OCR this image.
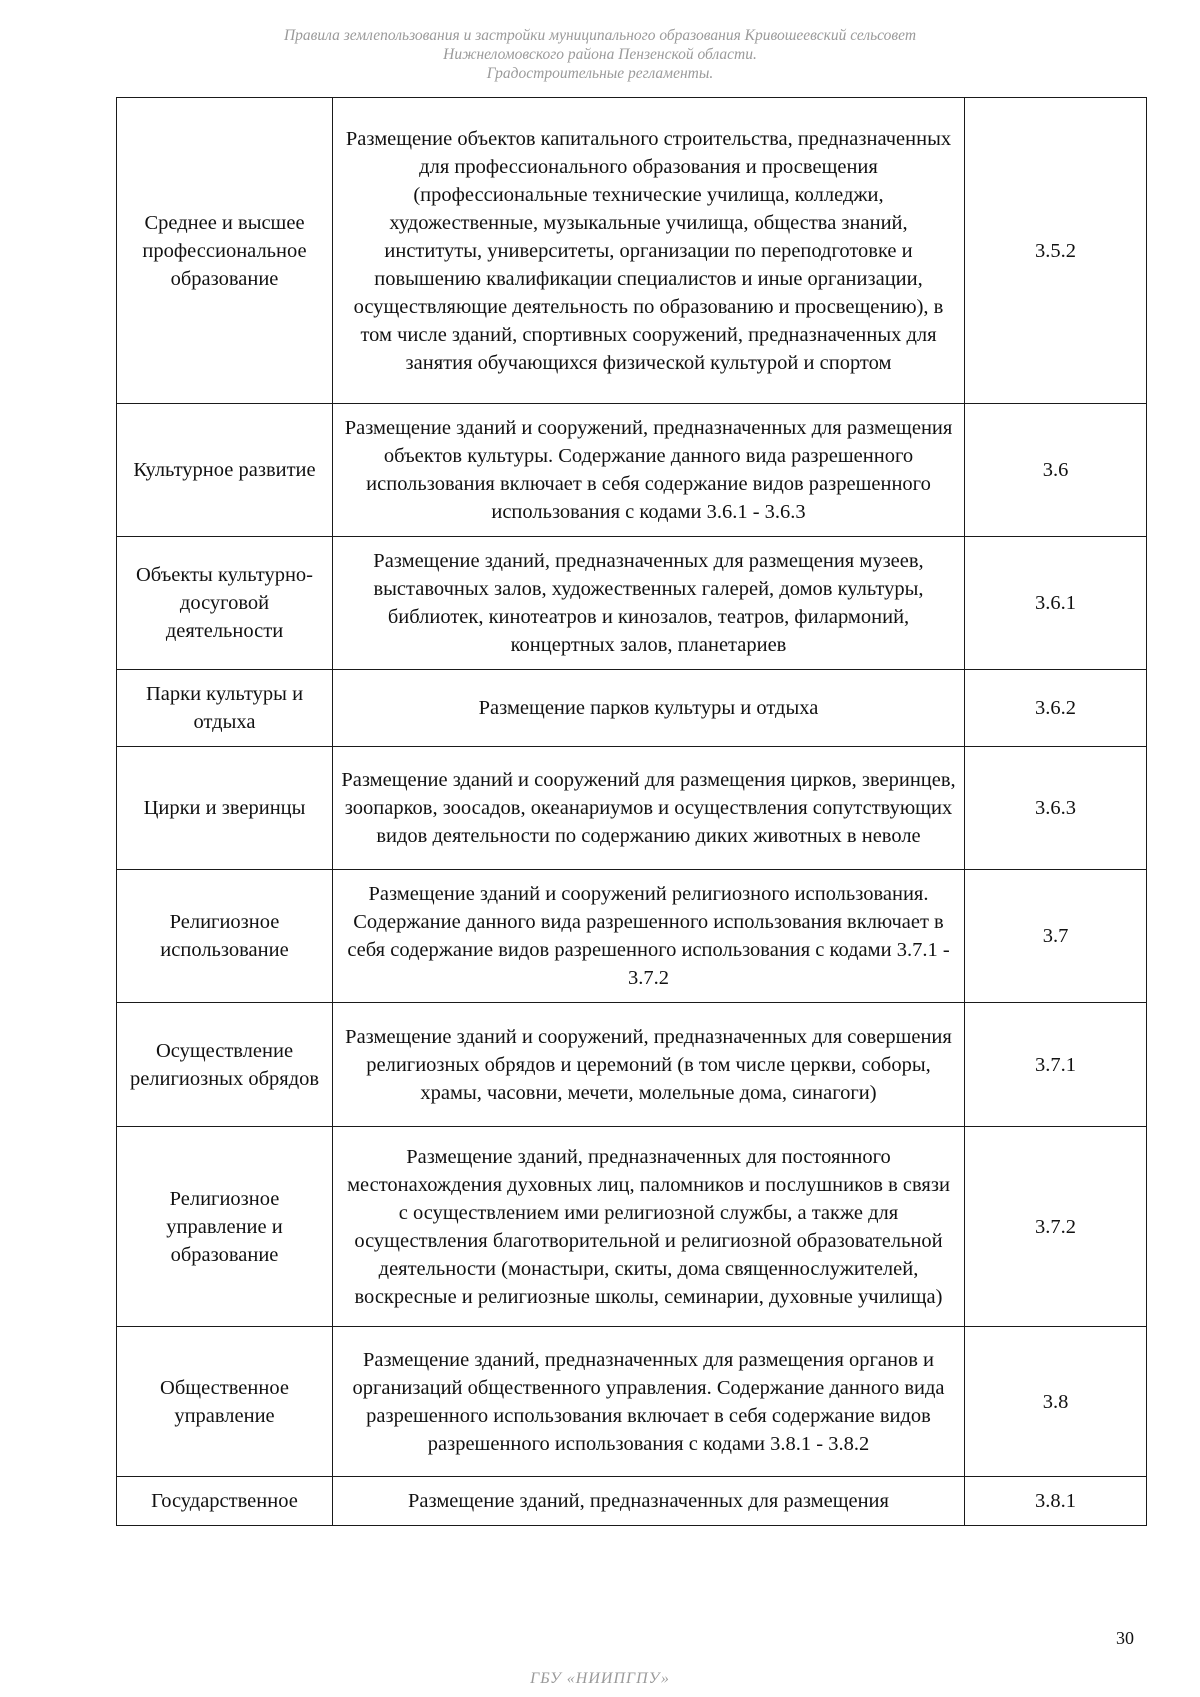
Правила землепользования и застройки муниципального образования Кривошеевский сельсовет
Нижнеломовского района Пензенской области.
Градостроительные регламенты.
Среднее и высшее профессиональное образование	Размещение объектов капитального строительства, предназначенных для профессионального образования и просвещения (профессиональные технические училища, колледжи, художественные, музыкальные училища, общества знаний, институты, университеты, организации по переподготовке и повышению квалификации специалистов и иные организации, осуществляющие деятельность по образованию и просвещению), в том числе зданий, спортивных сооружений, предназначенных для занятия обучающихся физической культурой и спортом	3.5.2
Культурное развитие	Размещение зданий и сооружений, предназначенных для размещения объектов культуры. Содержание данного вида разрешенного использования включает в себя содержание видов разрешенного использования с кодами 3.6.1 - 3.6.3	3.6
Объекты культурно-досуговой деятельности	Размещение зданий, предназначенных для размещения музеев, выставочных залов, художественных галерей, домов культуры, библиотек, кинотеатров и кинозалов, театров, филармоний, концертных залов, планетариев	3.6.1
Парки культуры и отдыха	Размещение парков культуры и отдыха	3.6.2
Цирки и зверинцы	Размещение зданий и сооружений для размещения цирков, зверинцев, зоопарков, зоосадов, океанариумов и осуществления сопутствующих видов деятельности по содержанию диких животных в неволе	3.6.3
Религиозное использование	Размещение зданий и сооружений религиозного использования. Содержание данного вида разрешенного использования включает в себя содержание видов разрешенного использования с кодами 3.7.1 - 3.7.2	3.7
Осуществление религиозных обрядов	Размещение зданий и сооружений, предназначенных для совершения религиозных обрядов и церемоний (в том числе церкви, соборы, храмы, часовни, мечети, молельные дома, синагоги)	3.7.1
Религиозное управление и образование	Размещение зданий, предназначенных для постоянного местонахождения духовных лиц, паломников и послушников в связи с осуществлением ими религиозной службы, а также для осуществления благотворительной и религиозной образовательной деятельности (монастыри, скиты, дома священнослужителей, воскресные и религиозные школы, семинарии, духовные училища)	3.7.2
Общественное управление	Размещение зданий, предназначенных для размещения органов и организаций общественного управления. Содержание данного вида разрешенного использования включает в себя содержание видов разрешенного использования с кодами 3.8.1 - 3.8.2	3.8
Государственное	Размещение зданий, предназначенных для размещения	3.8.1
30
ГБУ «НИИПГПУ»
